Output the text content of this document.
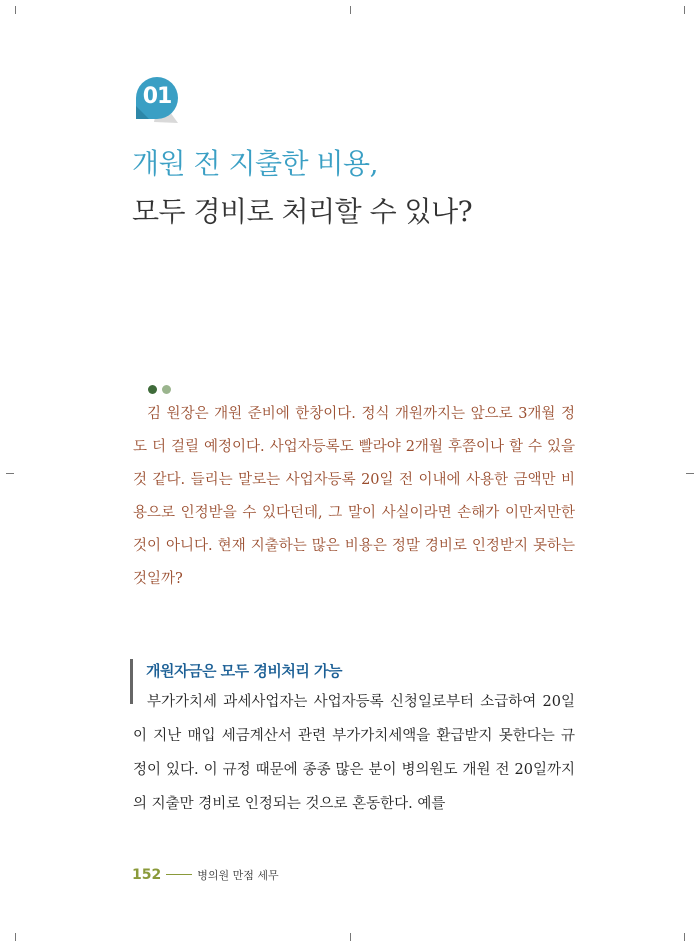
01
개원 전 지출한 비용,
모두 경비로 처리할 수 있나?

김 원장은 개원 준비에 한창이다. 정식 개원까지는 앞으로 3개월 정도 더 걸릴 예정이다. 사업자등록도 빨라야 2개월 후쯤이나 할 수 있을 것 같다. 들리는 말로는 사업자등록 20일 전 이내에 사용한 금액만 비용으로 인정받을 수 있다던데, 그 말이 사실이라면 손해가 이만저만한 것이 아니다. 현재 지출하는 많은 비용은 정말 경비로 인정받지 못하는 것일까?

개원자금은 모두 경비처리 가능

부가가치세 과세사업자는 사업자등록 신청일로부터 소급하여 20일이 지난 매입 세금계산서 관련 부가가치세액을 환급받지 못한다는 규정이 있다. 이 규정 때문에 종종 많은 분이 병의원도 개원 전 20일까지의 지출만 경비로 인정되는 것으로 혼동한다. 예를

152	병의원 만점 세무
